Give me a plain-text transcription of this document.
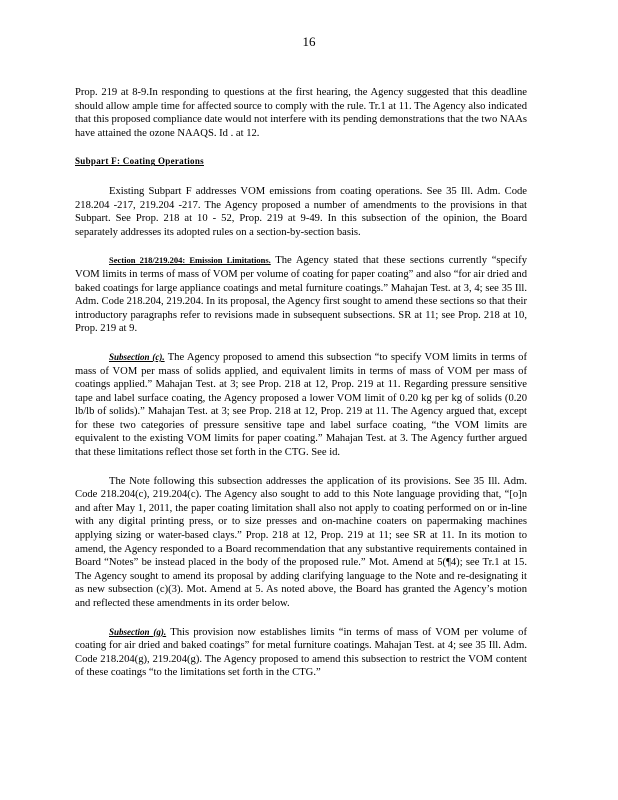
16

Prop. 219 at 8-9.In responding to questions at the first hearing, the Agency suggested that this deadline should allow ample time for affected source to comply with the rule. Tr.1 at 11. The Agency also indicated that this proposed compliance date would not interfere with its pending demonstrations that the two NAAs have attained the ozone NAAQS. Id . at 12.

Subpart F: Coating Operations

Existing Subpart F addresses VOM emissions from coating operations. See 35 Ill. Adm. Code 218.204 -217, 219.204 -217. The Agency proposed a number of amendments to the provisions in that Subpart. See Prop. 218 at 10 - 52, Prop. 219 at 9-49. In this subsection of the opinion, the Board separately addresses its adopted rules on a section-by-section basis.

Section 218/219.204: Emission Limitations. The Agency stated that these sections currently “specify VOM limits in terms of mass of VOM per volume of coating for paper coating” and also “for air dried and baked coatings for large appliance coatings and metal furniture coatings.” Mahajan Test. at 3, 4; see 35 Ill. Adm. Code 218.204, 219.204. In its proposal, the Agency first sought to amend these sections so that their introductory paragraphs refer to revisions made in subsequent subsections. SR at 11; see Prop. 218 at 10, Prop. 219 at 9.

Subsection (c). The Agency proposed to amend this subsection “to specify VOM limits in terms of mass of VOM per mass of solids applied, and equivalent limits in terms of mass of VOM per mass of coatings applied.” Mahajan Test. at 3; see Prop. 218 at 12, Prop. 219 at 11. Regarding pressure sensitive tape and label surface coating, the Agency proposed a lower VOM limit of 0.20 kg per kg of solids (0.20 lb/lb of solids).” Mahajan Test. at 3; see Prop. 218 at 12, Prop. 219 at 11. The Agency argued that, except for these two categories of pressure sensitive tape and label surface coating, “the VOM limits are equivalent to the existing VOM limits for paper coating.” Mahajan Test. at 3. The Agency further argued that these limitations reflect those set forth in the CTG. See id.

The Note following this subsection addresses the application of its provisions. See 35 Ill. Adm. Code 218.204(c), 219.204(c). The Agency also sought to add to this Note language providing that, “[o]n and after May 1, 2011, the paper coating limitation shall also not apply to coating performed on or in-line with any digital printing press, or to size presses and on-machine coaters on papermaking machines applying sizing or water-based clays.” Prop. 218 at 12, Prop. 219 at 11; see SR at 11. In its motion to amend, the Agency responded to a Board recommendation that any substantive requirements contained in Board “Notes” be instead placed in the body of the proposed rule.” Mot. Amend at 5(¶4); see Tr.1 at 15. The Agency sought to amend its proposal by adding clarifying language to the Note and re-designating it as new subsection (c)(3). Mot. Amend at 5. As noted above, the Board has granted the Agency’s motion and reflected these amendments in its order below.

Subsection (g). This provision now establishes limits “in terms of mass of VOM per volume of coating for air dried and baked coatings” for metal furniture coatings. Mahajan Test. at 4; see 35 Ill. Adm. Code 218.204(g), 219.204(g). The Agency proposed to amend this subsection to restrict the VOM content of these coatings “to the limitations set forth in the CTG.”
